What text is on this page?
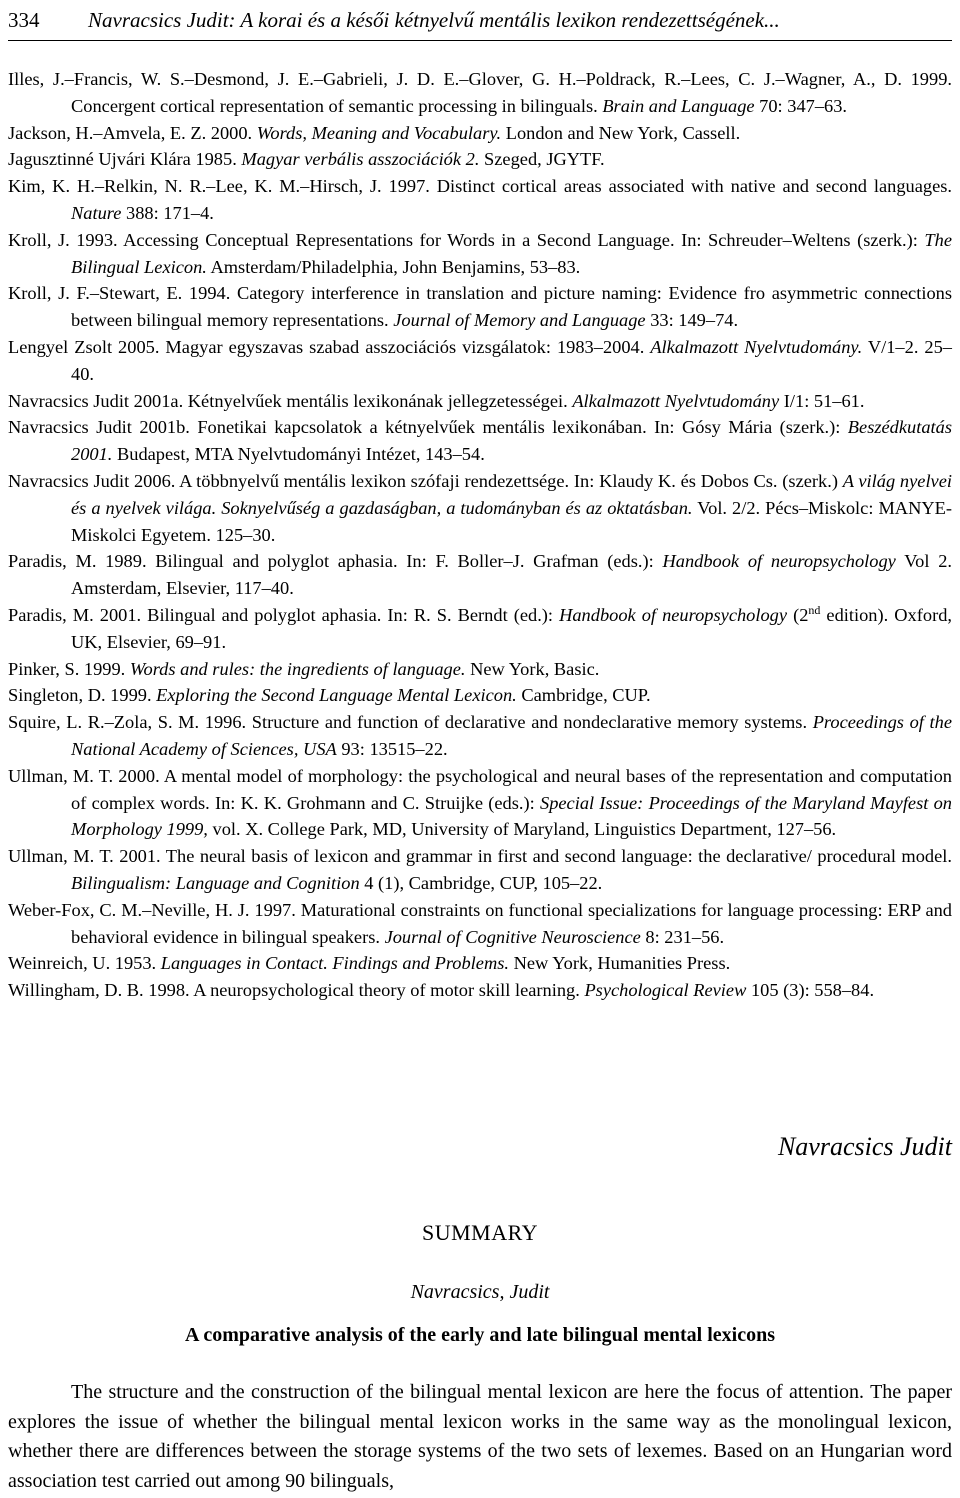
334 Navracsics Judit: A korai és a késői kétnyelvű mentális lexikon rendezettségének...
Illes, J.–Francis, W. S.–Desmond, J. E.–Gabrieli, J. D. E.–Glover, G. H.–Poldrack, R.–Lees, C. J.–Wagner, A., D. 1999. Concergent cortical representation of semantic processing in bilinguals. Brain and Language 70: 347–63.
Jackson, H.–Amvela, E. Z. 2000. Words, Meaning and Vocabulary. London and New York, Cassell.
Jagusztinné Ujvári Klára 1985. Magyar verbális asszociációk 2. Szeged, JGYTF.
Kim, K. H.–Relkin, N. R.–Lee, K. M.–Hirsch, J. 1997. Distinct cortical areas associated with native and second languages. Nature 388: 171–4.
Kroll, J. 1993. Accessing Conceptual Representations for Words in a Second Language. In: Schreuder–Weltens (szerk.): The Bilingual Lexicon. Amsterdam/Philadelphia, John Benjamins, 53–83.
Kroll, J. F.–Stewart, E. 1994. Category interference in translation and picture naming: Evidence fro asymmetric connections between bilingual memory representations. Journal of Memory and Language 33: 149–74.
Lengyel Zsolt 2005. Magyar egyszavas szabad asszociációs vizsgálatok: 1983–2004. Alkalmazott Nyelvtudomány. V/1–2. 25–40.
Navracsics Judit 2001a. Kétnyelvűek mentális lexikonának jellegzetességei. Alkalmazott Nyelvtudomány I/1: 51–61.
Navracsics Judit 2001b. Fonetikai kapcsolatok a kétnyelvűek mentális lexikonában. In: Gósy Mária (szerk.): Beszédkutatás 2001. Budapest, MTA Nyelvtudományi Intézet, 143–54.
Navracsics Judit 2006. A többnyelvű mentális lexikon szófaji rendezettsége. In: Klaudy K. és Dobos Cs. (szerk.) A világ nyelvei és a nyelvek világa. Soknyelvűség a gazdaságban, a tudományban és az oktatásban. Vol. 2/2. Pécs–Miskolc: MANYE-Miskolci Egyetem. 125–30.
Paradis, M. 1989. Bilingual and polyglot aphasia. In: F. Boller–J. Grafman (eds.): Handbook of neuropsychology Vol 2. Amsterdam, Elsevier, 117–40.
Paradis, M. 2001. Bilingual and polyglot aphasia. In: R. S. Berndt (ed.): Handbook of neuropsychology (2nd edition). Oxford, UK, Elsevier, 69–91.
Pinker, S. 1999. Words and rules: the ingredients of language. New York, Basic.
Singleton, D. 1999. Exploring the Second Language Mental Lexicon. Cambridge, CUP.
Squire, L. R.–Zola, S. M. 1996. Structure and function of declarative and nondeclarative memory systems. Proceedings of the National Academy of Sciences, USA 93: 13515–22.
Ullman, M. T. 2000. A mental model of morphology: the psychological and neural bases of the representation and computation of complex words. In: K. K. Grohmann and C. Struijke (eds.): Special Issue: Proceedings of the Maryland Mayfest on Morphology 1999, vol. X. College Park, MD, University of Maryland, Linguistics Department, 127–56.
Ullman, M. T. 2001. The neural basis of lexicon and grammar in first and second language: the declarative/ procedural model. Bilingualism: Language and Cognition 4 (1), Cambridge, CUP, 105–22.
Weber-Fox, C. M.–Neville, H. J. 1997. Maturational constraints on functional specializations for language processing: ERP and behavioral evidence in bilingual speakers. Journal of Cognitive Neuroscience 8: 231–56.
Weinreich, U. 1953. Languages in Contact. Findings and Problems. New York, Humanities Press.
Willingham, D. B. 1998. A neuropsychological theory of motor skill learning. Psychological Review 105 (3): 558–84.
Navracsics Judit
SUMMARY
Navracsics, Judit
A comparative analysis of the early and late bilingual mental lexicons
The structure and the construction of the bilingual mental lexicon are here the focus of attention. The paper explores the issue of whether the bilingual mental lexicon works in the same way as the monolingual lexicon, whether there are differences between the storage systems of the two sets of lexemes. Based on an Hungarian word association test carried out among 90 bilinguals,
